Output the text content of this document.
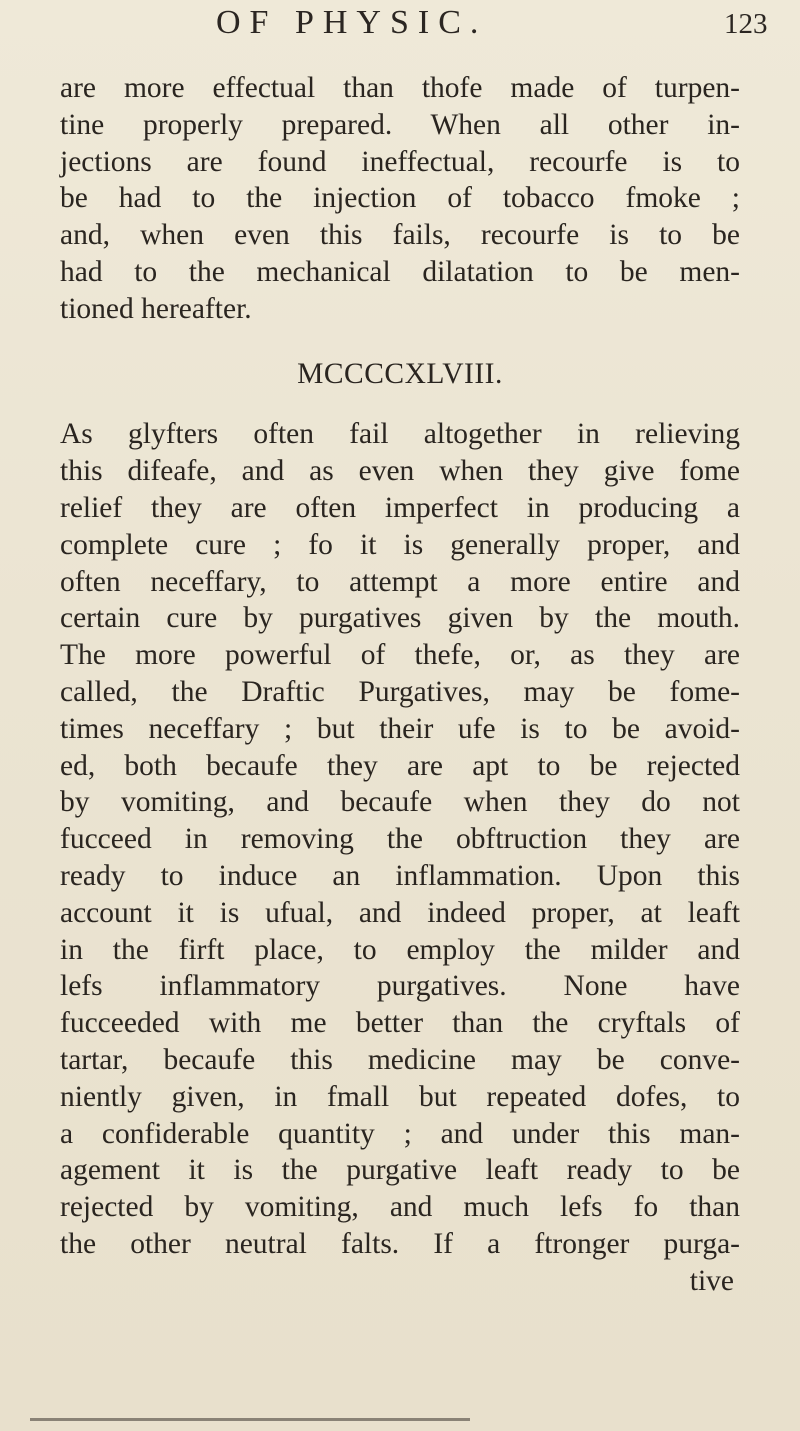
OF PHYSIC.	123
are more effectual than thofe made of turpen-
tine properly prepared. When all other in-
jections are found ineffectual, recourfe is to
be had to the injection of tobacco fmoke ;
and, when even this fails, recourfe is to be
had to the mechanical dilatation to be men-
tioned hereafter.
MCCCCXLVIII.
As glyfters often fail altogether in relieving
this difeafe, and as even when they give fome
relief they are often imperfect in producing a
complete cure ; fo it is generally proper, and
often neceffary, to attempt a more entire and
certain cure by purgatives given by the mouth.
The more powerful of thefe, or, as they are
called, the Draftic Purgatives, may be fome-
times neceffary ; but their ufe is to be avoid-
ed, both becaufe they are apt to be rejected
by vomiting, and becaufe when they do not
fucceed in removing the obftruction they are
ready to induce an inflammation. Upon this
account it is ufual, and indeed proper, at leaft
in the firft place, to employ the milder and
lefs inflammatory purgatives. None have
fucceeded with me better than the cryftals of
tartar, becaufe this medicine may be conve-
niently given, in fmall but repeated dofes, to
a confiderable quantity ; and under this man-
agement it is the purgative leaft ready to be
rejected by vomiting, and much lefs fo than
the other neutral falts. If a ftronger purga-
tive
